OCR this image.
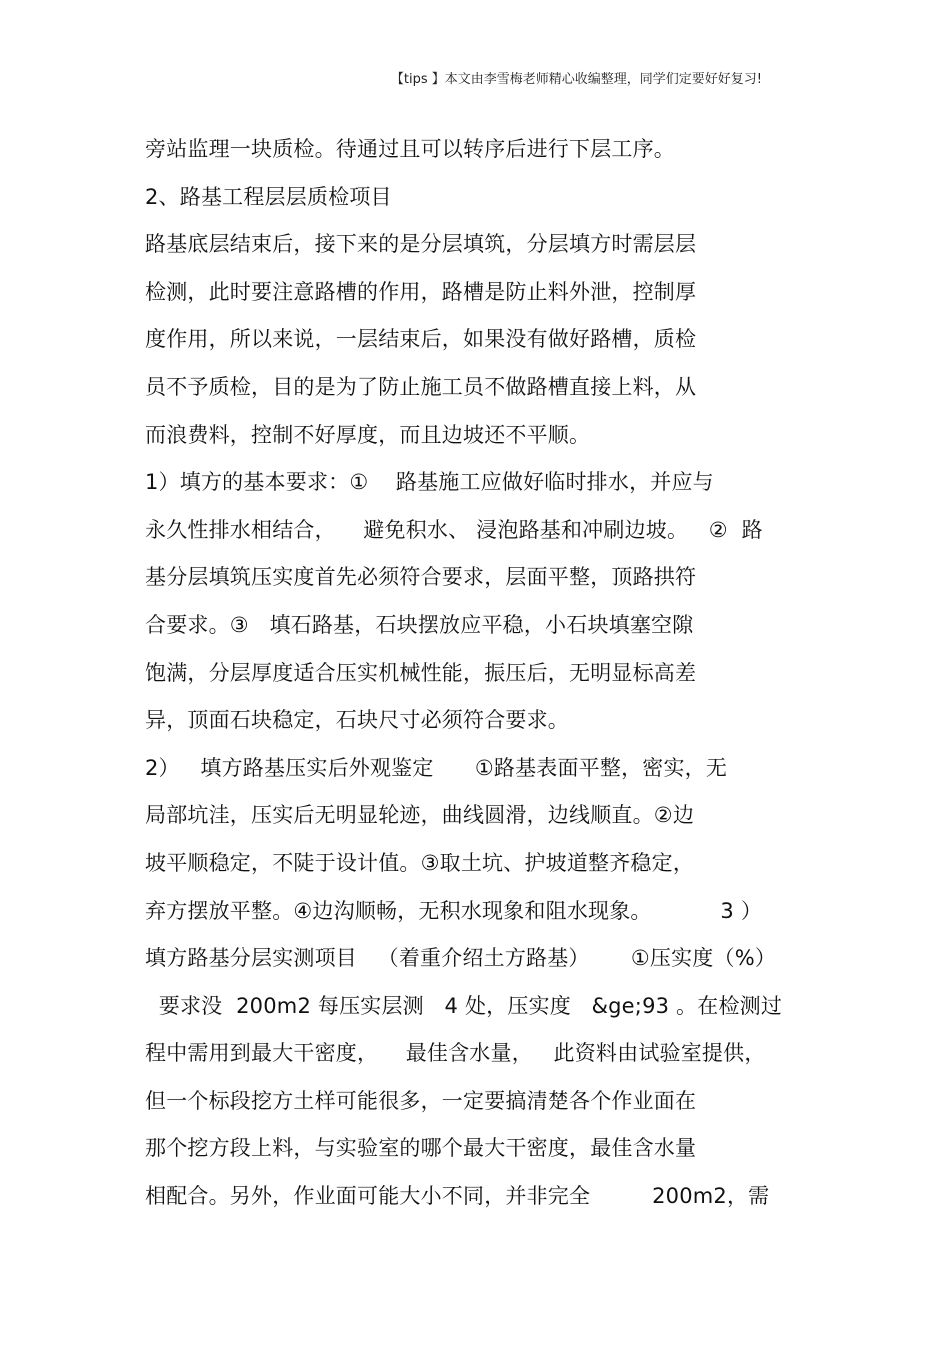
【tips 】本文由李雪梅老师精心收编整理，同学们定要好好复习!
旁站监理一块质检。待通过且可以转序后进行下层工序。
2、路基工程层层质检项目
路基底层结束后，接下来的是分层填筑，分层填方时需层层
检测，此时要注意路槽的作用，路槽是防止料外泄，控制厚
度作用，所以来说，一层结束后，如果没有做好路槽，质检
员不予质检，目的是为了防止施工员不做路槽直接上料，从
而浪费料，控制不好厚度，而且边坡还不平顺。
1）填方的基本要求：①    路基施工应做好临时排水，并应与
永久性排水相结合，    避免积水、 浸泡路基和冲刷边坡。   ②  路
基分层填筑压实度首先必须符合要求，层面平整，顶路拱符
合要求。③   填石路基，石块摆放应平稳，小石块填塞空隙
饱满，分层厚度适合压实机械性能，振压后，无明显标高差
异，顶面石块稳定，石块尺寸必须符合要求。
2）   填方路基压实后外观鉴定      ①路基表面平整，密实，无
局部坑洼，压实后无明显轮迹，曲线圆滑，边线顺直。②边
坡平顺稳定，不陡于设计值。③取土坑、护坡道整齐稳定，
弃方摆放平整。④边沟顺畅，无积水现象和阻水现象。          3 ）
填方路基分层实测项目   （着重介绍土方路基）      ①压实度（%）
要求没  200m2 每压实层测   4 处，压实度   &ge;93 。在检测过
程中需用到最大干密度，    最佳含水量，   此资料由试验室提供，
但一个标段挖方土样可能很多，一定要搞清楚各个作业面在
那个挖方段上料，与实验室的哪个最大干密度，最佳含水量
相配合。另外，作业面可能大小不同，并非完全         200m2，需
